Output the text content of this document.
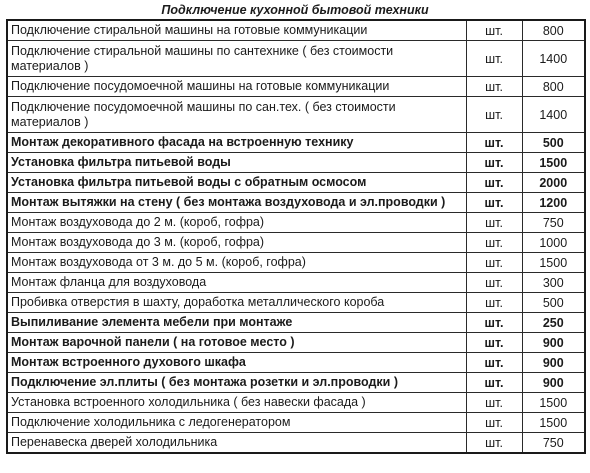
Подключение кухонной бытовой техники
Подключение стиральной машины на готовые коммуникации	шт.	800
Подключение стиральной машины по сантехнике ( без стоимости материалов )	шт.	1400
Подключение посудомоечной машины на готовые коммуникации	шт.	800
Подключение посудомоечной машины по сан.тех. ( без стоимости материалов )	шт.	1400
Монтаж декоративного фасада на встроенную технику	шт.	500
Установка фильтра питьевой воды	шт.	1500
Установка фильтра питьевой воды с обратным осмосом	шт.	2000
Монтаж вытяжки на стену ( без монтажа воздуховода и эл.проводки )	шт.	1200
Монтаж воздуховода до 2 м. (короб, гофра)	шт.	750
Монтаж воздуховода до 3 м. (короб, гофра)	шт.	1000
Монтаж воздуховода от 3 м. до 5 м. (короб, гофра)	шт.	1500
Монтаж фланца для воздуховода	шт.	300
Пробивка отверстия в шахту, доработка металлического короба	шт.	500
Выпиливание элемента мебели при монтаже	шт.	250
Монтаж варочной панели ( на готовое место )	шт.	900
Монтаж встроенного духового шкафа	шт.	900
Подключение эл.плиты ( без монтажа розетки и эл.проводки )	шт.	900
Установка встроенного холодильника ( без навески фасада )	шт.	1500
Подключение холодильника с ледогенератором	шт.	1500
Перенавеска дверей холодильника	шт.	750
